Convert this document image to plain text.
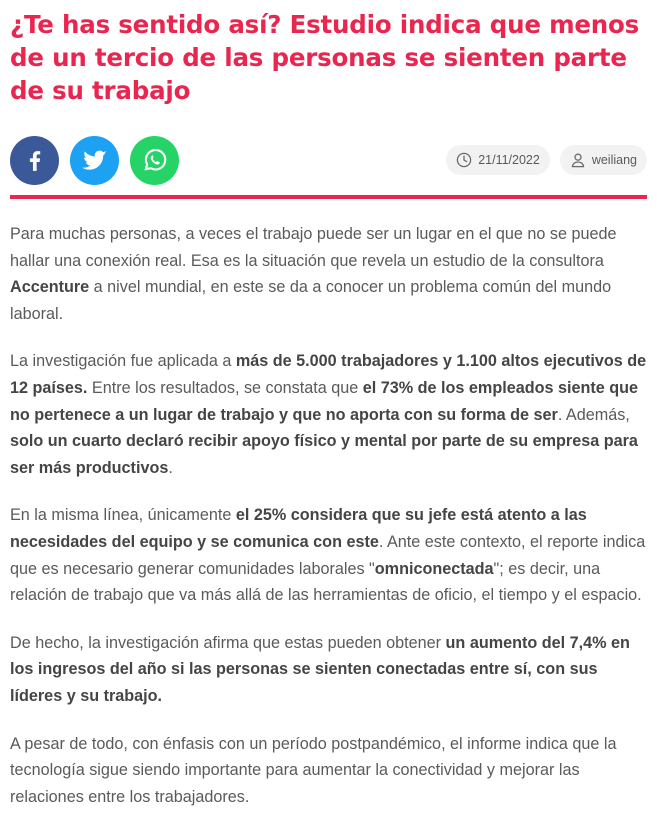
¿Te has sentido así? Estudio indica que menos de un tercio de las personas se sienten parte de su trabajo
21/11/2022	weiliang

Para muchas personas, a veces el trabajo puede ser un lugar en el que no se puede hallar una conexión real. Esa es la situación que revela un estudio de la consultora Accenture a nivel mundial, en este se da a conocer un problema común del mundo laboral.

La investigación fue aplicada a más de 5.000 trabajadores y 1.100 altos ejecutivos de 12 países. Entre los resultados, se constata que el 73% de los empleados siente que no pertenece a un lugar de trabajo y que no aporta con su forma de ser. Además, solo un cuarto declaró recibir apoyo físico y mental por parte de su empresa para ser más productivos.

En la misma línea, únicamente el 25% considera que su jefe está atento a las necesidades del equipo y se comunica con este. Ante este contexto, el reporte indica que es necesario generar comunidades laborales "omniconectada"; es decir, una relación de trabajo que va más allá de las herramientas de oficio, el tiempo y el espacio.

De hecho, la investigación afirma que estas pueden obtener un aumento del 7,4% en los ingresos del año si las personas se sienten conectadas entre sí, con sus líderes y su trabajo.

A pesar de todo, con énfasis con un período postpandémico, el informe indica que la tecnología sigue siendo importante para aumentar la conectividad y mejorar las relaciones entre los trabajadores.
